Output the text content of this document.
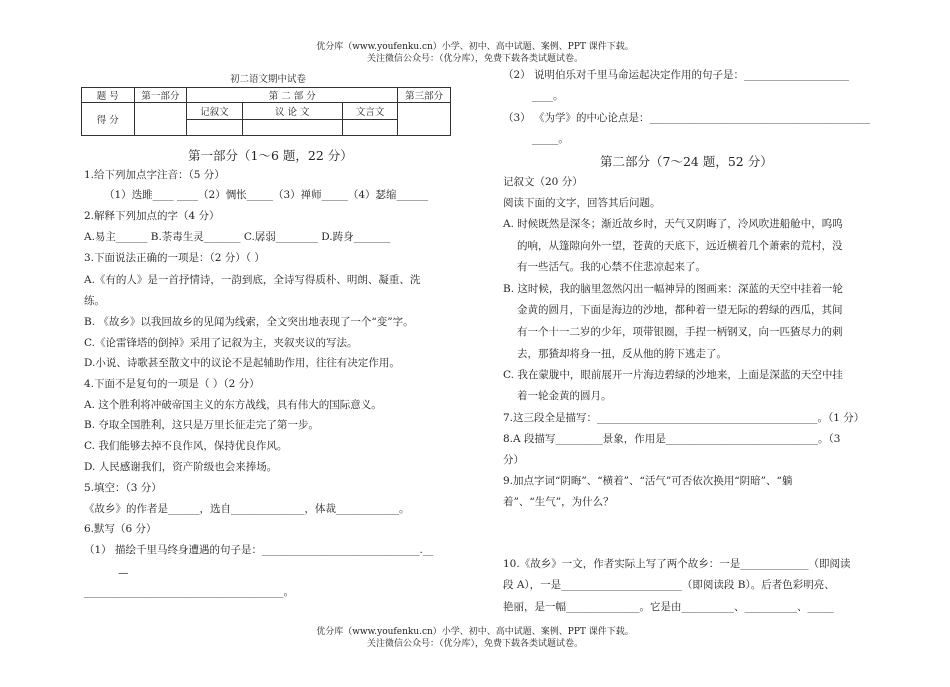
优分库（www.youfenku.cn）小学、初中、高中试题、案例、PPT 课件下载。
关注微信公众号：（优分库），免费下载各类试题试卷。
初二语文期中试卷
题 号	第一部分	第 二 部 分			第三部分
得 分		记叙文	议 论 文	文言文	

第一部分（1～6 题，22 分）
1.给下列加点字注音：（5 分）
（1）迭雎____ ____（2）惆怅_____（3）禅师_____（4）瑟缩______
2.解释下列加点的字（4 分）
A.易主______ B.荼毒生灵_______ C.孱弱________ D.踌身_______
3.下面说法正确的一项是：（2 分）（ ）
A.《有的人》是一首抒情诗，一韵到底，全诗写得质朴、明朗、凝重、洗
练。
B. 《故乡》以我回故乡的见闻为线索，全文突出地表现了一个“变”字。
C.《论雷锋塔的倒掉》采用了记叙为主，夹叙夹议的写法。
D.小说、诗歌甚至散文中的议论不是起辅助作用，往往有决定作用。
4.下面不是复句的一项是（ ）（2 分）
A. 这个胜利将冲破帝国主义的东方战线，具有伟大的国际意义。
B. 夺取全国胜利，这只是万里长征走完了第一步。
C. 我们能够去掉不良作风，保持优良作风。
D. 人民感谢我们，资产阶级也会来捧场。
5.填空：（3 分）
《故乡》的作者是______，选自______________，体裁____________。
6.默写（6 分）
（1） 描绘千里马终身遭遇的句子是：______________________________.__
—
______________________________________。
（2） 说明伯乐对千里马命运起决定作用的句子是：____________________
____。
（3） 《为学》的中心论点是：__________________________________________
_____。
第二部分（7～24 题，52 分）
记叙文（20 分）
阅读下面的文字，回答其后问题。
A. 时候既然是深冬；渐近故乡时，天气又阴晦了，冷风吹进船舱中，呜呜
的响，从篷隙向外一望，苍黄的天底下，远近横着几个萧索的荒村，没
有一些活气。我的心禁不住悲凉起来了。
B. 这时候，我的脑里忽然闪出一幅神异的图画来：深蓝的天空中挂着一轮
金黄的圆月，下面是海边的沙地，都种着一望无际的碧绿的西瓜，其间
有一个十一二岁的少年，项带银圈，手捏一柄钢叉，向一匹猹尽力的刺
去，那猹却将身一扭，反从他的胯下逃走了。
C. 我在蒙胧中，眼前展开一片海边碧绿的沙地来，上面是深蓝的天空中挂
着一轮金黄的圆月。
7.这三段全是描写：__________________________________________。（1 分）
8.A 段描写_________景象，作用是_____________________________。（3
分）
9.加点字词“阴晦”、“横着”、“活气”可否依次换用“阴暗”、“躺
着”、“生气”，为什么？
10.《故乡》一文，作者实际上写了两个故乡：一是_____________（即阅读
段 A），一是_______________________（即阅读段 B）。后者色彩明亮、
艳丽，是一幅______________。它是由__________、__________、_____
优分库（www.youfenku.cn）小学、初中、高中试题、案例、PPT 课件下载。
关注微信公众号：（优分库），免费下载各类试题试卷。
